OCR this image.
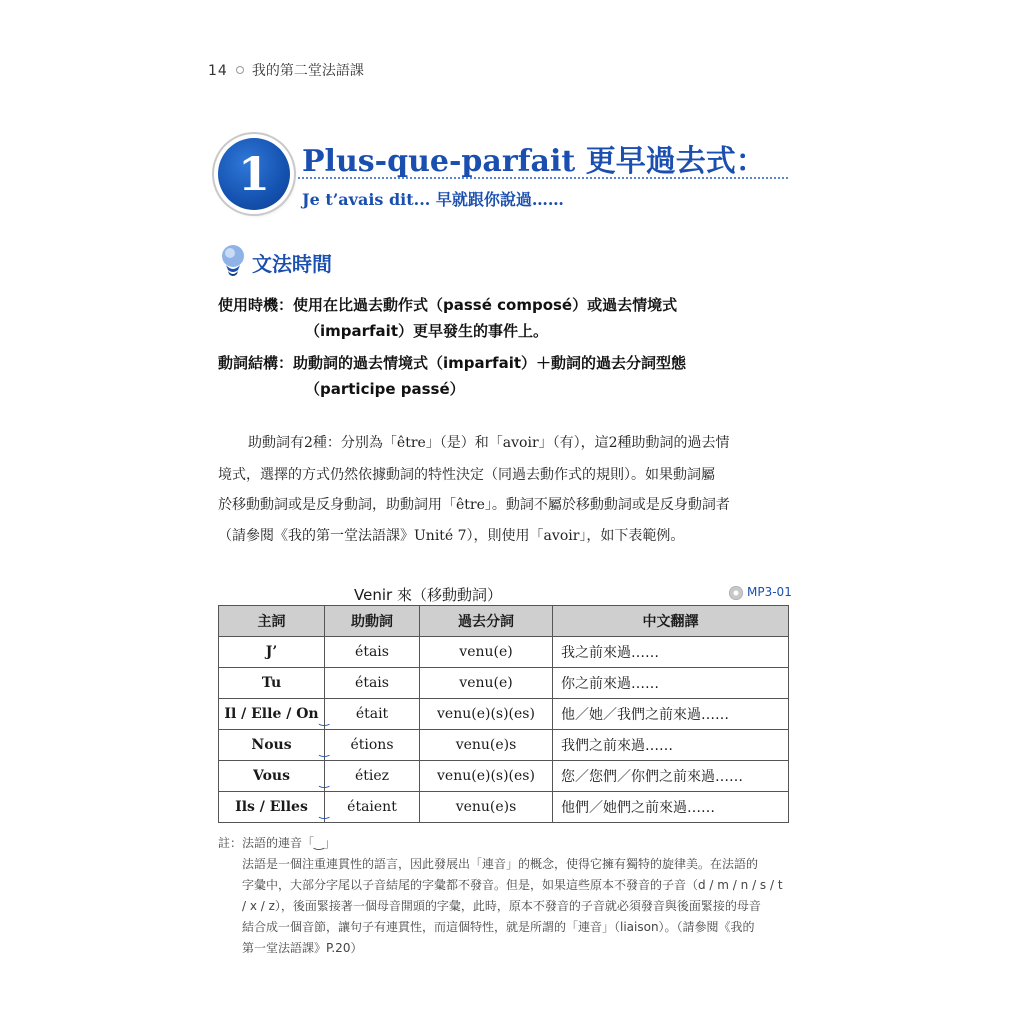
14 我的第二堂法語課
1	Plus-que-parfait 更早過去式：
Je t’avais dit... 早就跟你說過……
文法時間
使用時機：使用在比過去動作式（passé composé）或過去情境式
（imparfait）更早發生的事件上。
動詞結構：助動詞的過去情境式（imparfait）＋動詞的過去分詞型態
（participe passé）
助動詞有2種：分別為「être」（是）和「avoir」（有），這2種助動詞的過去情
境式，選擇的方式仍然依據動詞的特性決定（同過去動作式的規則）。如果動詞屬
於移動動詞或是反身動詞，助動詞用「être」。動詞不屬於移動動詞或是反身動詞者
（請參閱《我的第一堂法語課》Unité 7），則使用「avoir」，如下表範例。
Venir 來（移動動詞）	MP3-01
主詞	助動詞	過去分詞	中文翻譯
J’	étais	venu(e)	我之前來過……
Tu	étais	venu(e)	你之前來過……
Il / Elle / On ‿	était	venu(e)(s)(es)	他／她／我們之前來過……
Nous ‿	étions	venu(e)s	我們之前來過……
Vous ‿	étiez	venu(e)(s)(es)	您／您們／你們之前來過……
Ils / Elles ‿	étaient	venu(e)s	他們／她們之前來過……
註：法語的連音「‿」
法語是一個注重連貫性的語言，因此發展出「連音」的概念，使得它擁有獨特的旋律美。在法語的
字彙中，大部分字尾以子音結尾的字彙都不發音。但是，如果這些原本不發音的子音（d / m / n / s / t
/ x / z），後面緊接著一個母音開頭的字彙，此時，原本不發音的子音就必須發音與後面緊接的母音
結合成一個音節，讓句子有連貫性，而這個特性，就是所謂的「連音」（liaison）。（請參閱《我的
第一堂法語課》P.20）
